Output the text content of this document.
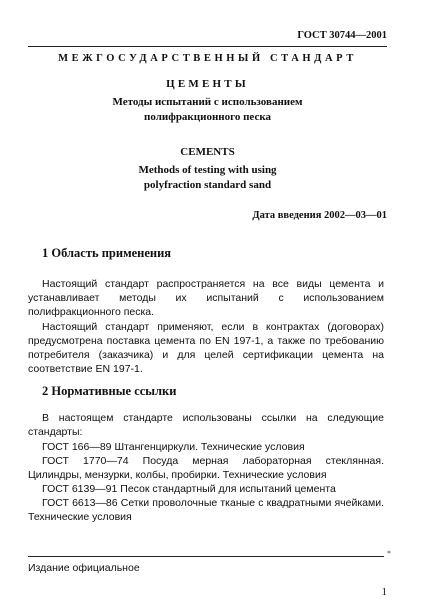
ГОСТ 30744—2001
МЕЖГОСУДАРСТВЕННЫЙ СТАНДАРТ
ЦЕМЕНТЫ
Методы испытаний с использованием
полифракционного песка
CEMENTS
Methods of testing with using
polyfraction standard sand
Дата введения 2002—03—01
1 Область применения
Настоящий стандарт распространяется на все виды цемента и устанавливает методы их испытаний с использованием полифракционного песка.
Настоящий стандарт применяют, если в контрактах (договорах) предусмотрена поставка цемента по EN 197-1, а также по требованию потребителя (заказчика) и для целей сертификации цемента на соответствие EN 197-1.
2 Нормативные ссылки
В настоящем стандарте использованы ссылки на следующие стандарты:
ГОСТ 166—89 Штангенциркули. Технические условия
ГОСТ 1770—74 Посуда мерная лабораторная стеклянная. Цилиндры, мензурки, колбы, пробирки. Технические условия
ГОСТ 6139—91 Песок стандартный для испытаний цемента
ГОСТ 6613—86 Сетки проволочные тканые с квадратными ячейками. Технические условия
*
Издание официальное
1
